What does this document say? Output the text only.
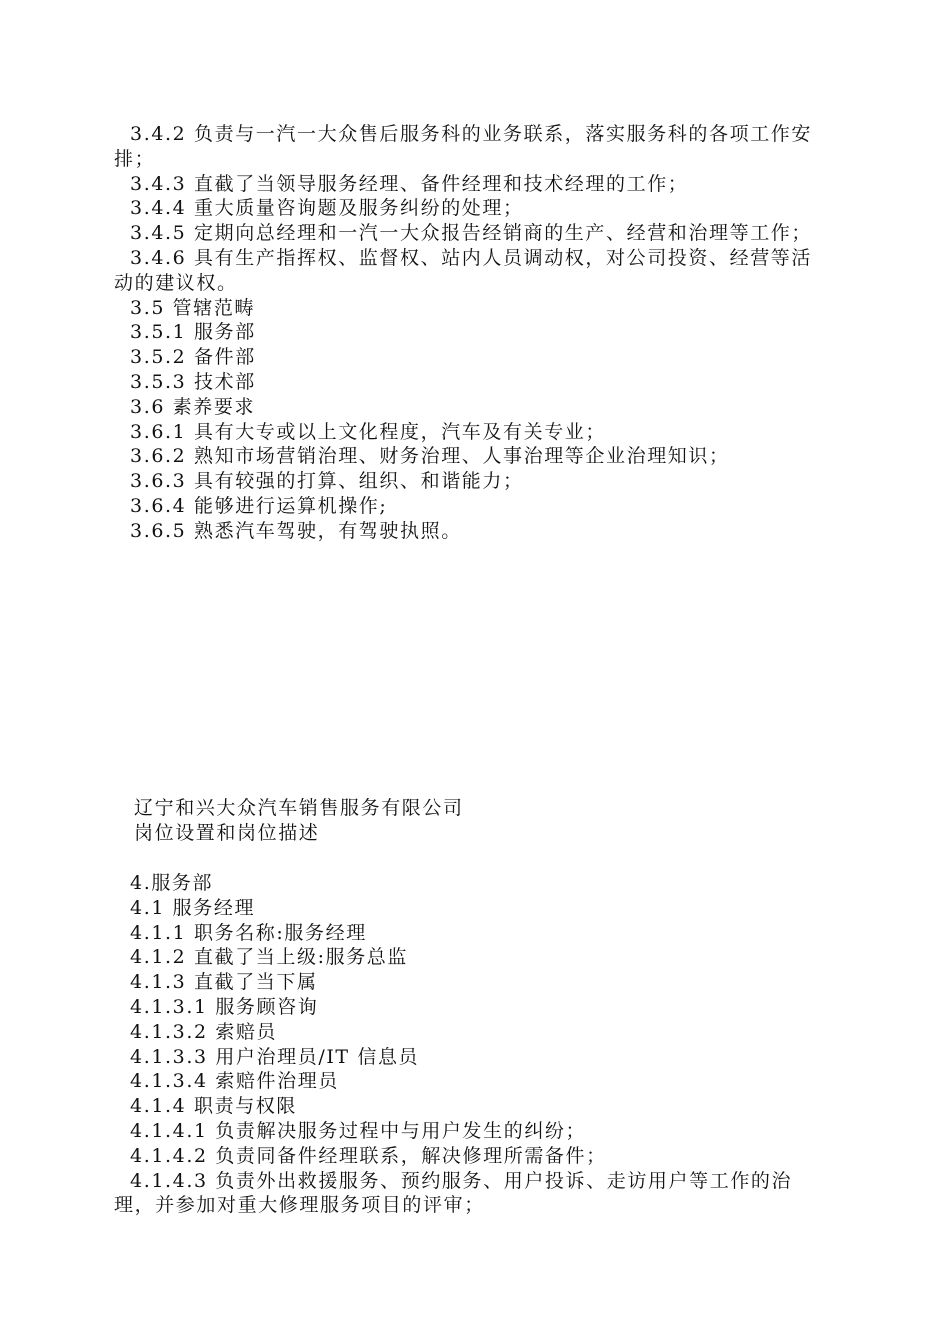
3.4.2 负责与一汽一大众售后服务科的业务联系，落实服务科的各项工作安排；

3.4.3 直截了当领导服务经理、备件经理和技术经理的工作；

3.4.4 重大质量咨询题及服务纠纷的处理；

3.4.5 定期向总经理和一汽一大众报告经销商的生产、经营和治理等工作；

3.4.6 具有生产指挥权、监督权、站内人员调动权，对公司投资、经营等活动的建议权。

3.5 管辖范畴

3.5.1 服务部

3.5.2 备件部

3.5.3 技术部

3.6 素养要求

3.6.1 具有大专或以上文化程度，汽车及有关专业；

3.6.2 熟知市场营销治理、财务治理、人事治理等企业治理知识；

3.6.3 具有较强的打算、组织、和谐能力；

3.6.4 能够进行运算机操作;

3.6.5 熟悉汽车驾驶，有驾驶执照。

辽宁和兴大众汽车销售服务有限公司

岗位设置和岗位描述

4.服务部

4.1 服务经理

4.1.1 职务名称:服务经理

4.1.2 直截了当上级:服务总监

4.1.3 直截了当下属

4.1.3.1 服务顾咨询

4.1.3.2 索赔员

4.1.3.3 用户治理员/IT 信息员

4.1.3.4 索赔件治理员

4.1.4 职责与权限

4.1.4.1 负责解决服务过程中与用户发生的纠纷；

4.1.4.2 负责同备件经理联系，解决修理所需备件；

4.1.4.3 负责外出救援服务、预约服务、用户投诉、走访用户等工作的治理，并参加对重大修理服务项目的评审；
